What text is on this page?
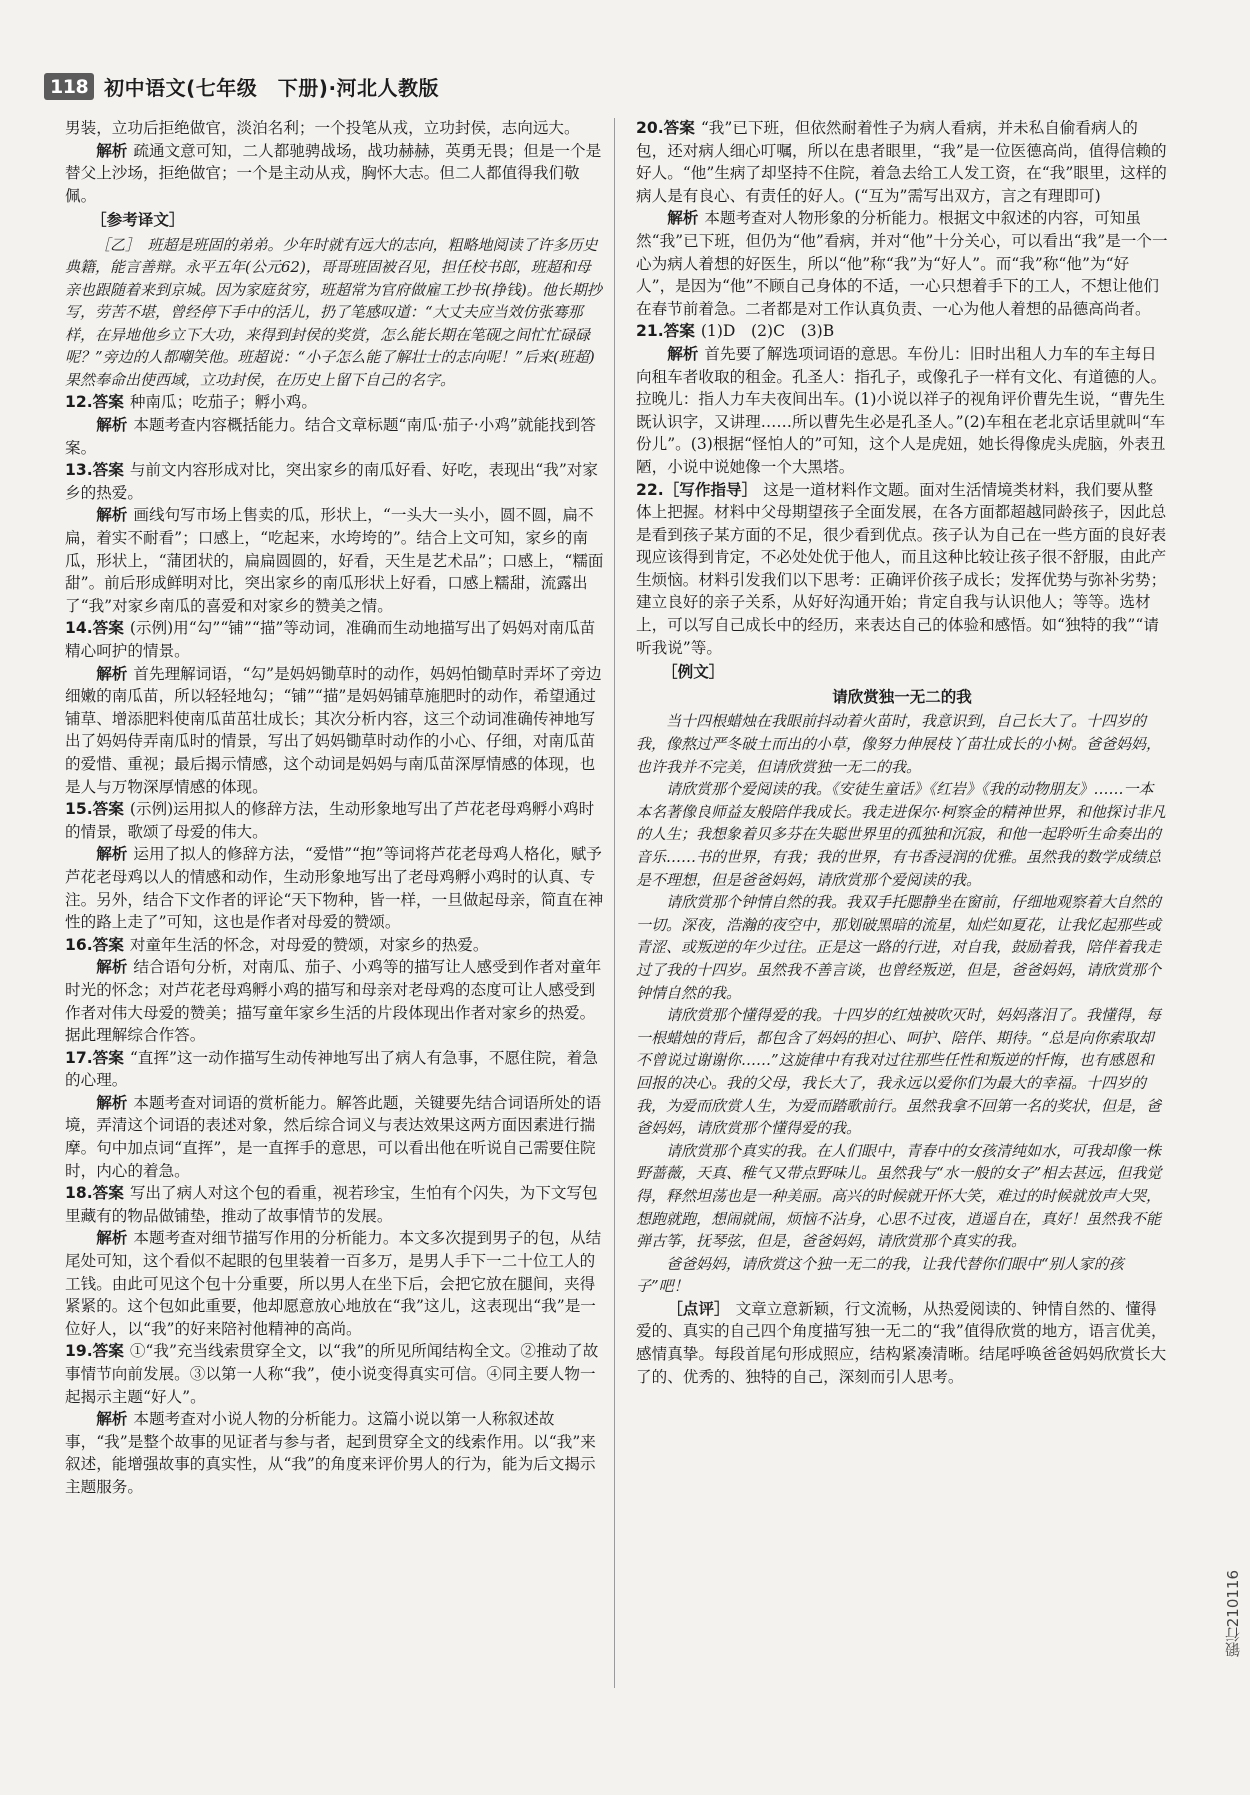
118 初中语文(七年级　下册)·河北人教版

男装，立功后拒绝做官，淡泊名利；一个投笔从戎，立功封侯，志向远大。

解析 疏通文意可知，二人都驰骋战场，战功赫赫，英勇无畏；但是一个是替父上沙场，拒绝做官；一个是主动从戎，胸怀大志。但二人都值得我们敬佩。

［参考译文］

［乙］　班超是班固的弟弟。少年时就有远大的志向，粗略地阅读了许多历史典籍，能言善辩。永平五年(公元62)，哥哥班固被召见，担任校书郎，班超和母亲也跟随着来到京城。因为家庭贫穷，班超常为官府做雇工抄书(挣钱)。他长期抄写，劳苦不堪，曾经停下手中的活儿，扔了笔感叹道：“大丈夫应当效仿张骞那样，在异地他乡立下大功，来得到封侯的奖赏，怎么能长期在笔砚之间忙忙碌碌呢？”旁边的人都嘲笑他。班超说：“小子怎么能了解壮士的志向呢！”后来(班超)果然奉命出使西域，立功封侯，在历史上留下自己的名字。

12.答案 种南瓜；吃茄子；孵小鸡。

解析 本题考查内容概括能力。结合文章标题“南瓜·茄子·小鸡”就能找到答案。

13.答案 与前文内容形成对比，突出家乡的南瓜好看、好吃，表现出“我”对家乡的热爱。

解析 画线句写市场上售卖的瓜，形状上，“一头大一头小，圆不圆，扁不扁，着实不耐看”；口感上，“吃起来，水垮垮的”。结合上文可知，家乡的南瓜，形状上，“蒲团状的，扁扁圆圆的，好看，天生是艺术品”；口感上，“糯面甜”。前后形成鲜明对比，突出家乡的南瓜形状上好看，口感上糯甜，流露出了“我”对家乡南瓜的喜爱和对家乡的赞美之情。

14.答案 (示例)用“勾”“铺”“描”等动词，准确而生动地描写出了妈妈对南瓜苗精心呵护的情景。

解析 首先理解词语，“勾”是妈妈锄草时的动作，妈妈怕锄草时弄坏了旁边细嫩的南瓜苗，所以轻轻地勾；“铺”“描”是妈妈铺草施肥时的动作，希望通过铺草、增添肥料使南瓜苗茁壮成长；其次分析内容，这三个动词准确传神地写出了妈妈侍弄南瓜时的情景，写出了妈妈锄草时动作的小心、仔细，对南瓜苗的爱惜、重视；最后揭示情感，这个动词是妈妈与南瓜苗深厚情感的体现，也是人与万物深厚情感的体现。

15.答案 (示例)运用拟人的修辞方法，生动形象地写出了芦花老母鸡孵小鸡时的情景，歌颂了母爱的伟大。

解析 运用了拟人的修辞方法，“爱惜”“抱”等词将芦花老母鸡人格化，赋予芦花老母鸡以人的情感和动作，生动形象地写出了老母鸡孵小鸡时的认真、专注。另外，结合下文作者的评论“天下物种，皆一样，一旦做起母亲，简直在神性的路上走了”可知，这也是作者对母爱的赞颂。

16.答案 对童年生活的怀念，对母爱的赞颂，对家乡的热爱。

解析 结合语句分析，对南瓜、茄子、小鸡等的描写让人感受到作者对童年时光的怀念；对芦花老母鸡孵小鸡的描写和母亲对老母鸡的态度可让人感受到作者对伟大母爱的赞美；描写童年家乡生活的片段体现出作者对家乡的热爱。据此理解综合作答。

17.答案 “直挥”这一动作描写生动传神地写出了病人有急事，不愿住院，着急的心理。

解析 本题考查对词语的赏析能力。解答此题，关键要先结合词语所处的语境，弄清这个词语的表述对象，然后综合词义与表达效果这两方面因素进行揣摩。句中加点词“直挥”，是一直挥手的意思，可以看出他在听说自己需要住院时，内心的着急。

18.答案 写出了病人对这个包的看重，视若珍宝，生怕有个闪失，为下文写包里藏有的物品做铺垫，推动了故事情节的发展。

解析 本题考查对细节描写作用的分析能力。本文多次提到男子的包，从结尾处可知，这个看似不起眼的包里装着一百多万，是男人手下一二十位工人的工钱。由此可见这个包十分重要，所以男人在坐下后，会把它放在腿间，夹得紧紧的。这个包如此重要，他却愿意放心地放在“我”这儿，这表现出“我”是一位好人，以“我”的好来陪衬他精神的高尚。

19.答案 ①“我”充当线索贯穿全文，以“我”的所见所闻结构全文。②推动了故事情节向前发展。③以第一人称“我”，使小说变得真实可信。④同主要人物一起揭示主题“好人”。

解析 本题考查对小说人物的分析能力。这篇小说以第一人称叙述故事，“我”是整个故事的见证者与参与者，起到贯穿全文的线索作用。以“我”来叙述，能增强故事的真实性，从“我”的角度来评价男人的行为，能为后文揭示主题服务。

20.答案 “我”已下班，但依然耐着性子为病人看病，并未私自偷看病人的包，还对病人细心叮嘱，所以在患者眼里，“我”是一位医德高尚，值得信赖的好人。“他”生病了却坚持不住院，着急去给工人发工资，在“我”眼里，这样的病人是有良心、有责任的好人。(“互为”需写出双方，言之有理即可)

解析 本题考查对人物形象的分析能力。根据文中叙述的内容，可知虽然“我”已下班，但仍为“他”看病，并对“他”十分关心，可以看出“我”是一个一心为病人着想的好医生，所以“他”称“我”为“好人”。而“我”称“他”为“好人”，是因为“他”不顾自己身体的不适，一心只想着手下的工人，不想让他们在春节前着急。二者都是对工作认真负责、一心为他人着想的品德高尚者。

21.答案 (1)D　(2)C　(3)B

解析 首先要了解选项词语的意思。车份儿：旧时出租人力车的车主每日向租车者收取的租金。孔圣人：指孔子，或像孔子一样有文化、有道德的人。拉晚儿：指人力车夫夜间出车。(1)小说以祥子的视角评价曹先生说，“曹先生既认识字，又讲理……所以曹先生必是孔圣人。”(2)车租在老北京话里就叫“车份儿”。(3)根据“怪怕人的”可知，这个人是虎妞，她长得像虎头虎脑，外表丑陋，小说中说她像一个大黑塔。

22.［写作指导］ 这是一道材料作文题。面对生活情境类材料，我们要从整体上把握。材料中父母期望孩子全面发展，在各方面都超越同龄孩子，因此总是看到孩子某方面的不足，很少看到优点。孩子认为自己在一些方面的良好表现应该得到肯定，不必处处优于他人，而且这种比较让孩子很不舒服，由此产生烦恼。材料引发我们以下思考：正确评价孩子成长；发挥优势与弥补劣势；建立良好的亲子关系，从好好沟通开始；肯定自我与认识他人；等等。选材上，可以写自己成长中的经历，来表达自己的体验和感悟。如“独特的我”“请听我说”等。

［例文］
请欣赏独一无二的我

当十四根蜡烛在我眼前抖动着火苗时，我意识到，自己长大了。十四岁的我，像熬过严冬破土而出的小草，像努力伸展枝丫苗壮成长的小树。爸爸妈妈，也许我并不完美，但请欣赏独一无二的我。

请欣赏那个爱阅读的我。《安徒生童话》《红岩》《我的动物朋友》……一本本名著像良师益友般陪伴我成长。我走进保尔·柯察金的精神世界，和他探讨非凡的人生；我想象着贝多芬在失聪世界里的孤独和沉寂，和他一起聆听生命奏出的音乐……书的世界，有我；我的世界，有书香浸润的优雅。虽然我的数学成绩总是不理想，但是爸爸妈妈，请欣赏那个爱阅读的我。

请欣赏那个钟情自然的我。我双手托腮静坐在窗前，仔细地观察着大自然的一切。深夜，浩瀚的夜空中，那划破黑暗的流星，灿烂如夏花，让我忆起那些或青涩、或叛逆的年少过往。正是这一路的行进，对自我，鼓励着我，陪伴着我走过了我的十四岁。虽然我不善言谈，也曾经叛逆，但是，爸爸妈妈，请欣赏那个钟情自然的我。

请欣赏那个懂得爱的我。十四岁的红烛被吹灭时，妈妈落泪了。我懂得，每一根蜡烛的背后，都包含了妈妈的担心、呵护、陪伴、期待。“总是向你索取却不曾说过谢谢你……”这旋律中有我对过往那些任性和叛逆的忏悔，也有感恩和回报的决心。我的父母，我长大了，我永远以爱你们为最大的幸福。十四岁的我，为爱而欣赏人生，为爱而踏歌前行。虽然我拿不回第一名的奖状，但是，爸爸妈妈，请欣赏那个懂得爱的我。

请欣赏那个真实的我。在人们眼中，青春中的女孩清纯如水，可我却像一株野蔷薇，天真、稚气又带点野味儿。虽然我与“水一般的女子”相去甚远，但我觉得，释然坦荡也是一种美丽。高兴的时候就开怀大笑，难过的时候就放声大哭，想跑就跑，想闹就闹，烦恼不沾身，心思不过夜，逍遥自在，真好！虽然我不能弹古筝，抚琴弦，但是，爸爸妈妈，请欣赏那个真实的我。

爸爸妈妈，请欣赏这个独一无二的我，让我代替你们眼中“别人家的孩子”吧！

［点评］ 文章立意新颖，行文流畅，从热爱阅读的、钟情自然的、懂得爱的、真实的自己四个角度描写独一无二的“我”值得欣赏的地方，语言优美，感情真挚。每段首尾句形成照应，结构紧凑清晰。结尾呼唤爸爸妈妈欣赏长大了的、优秀的、独特的自己，深刻而引人思考。

锻行210116
